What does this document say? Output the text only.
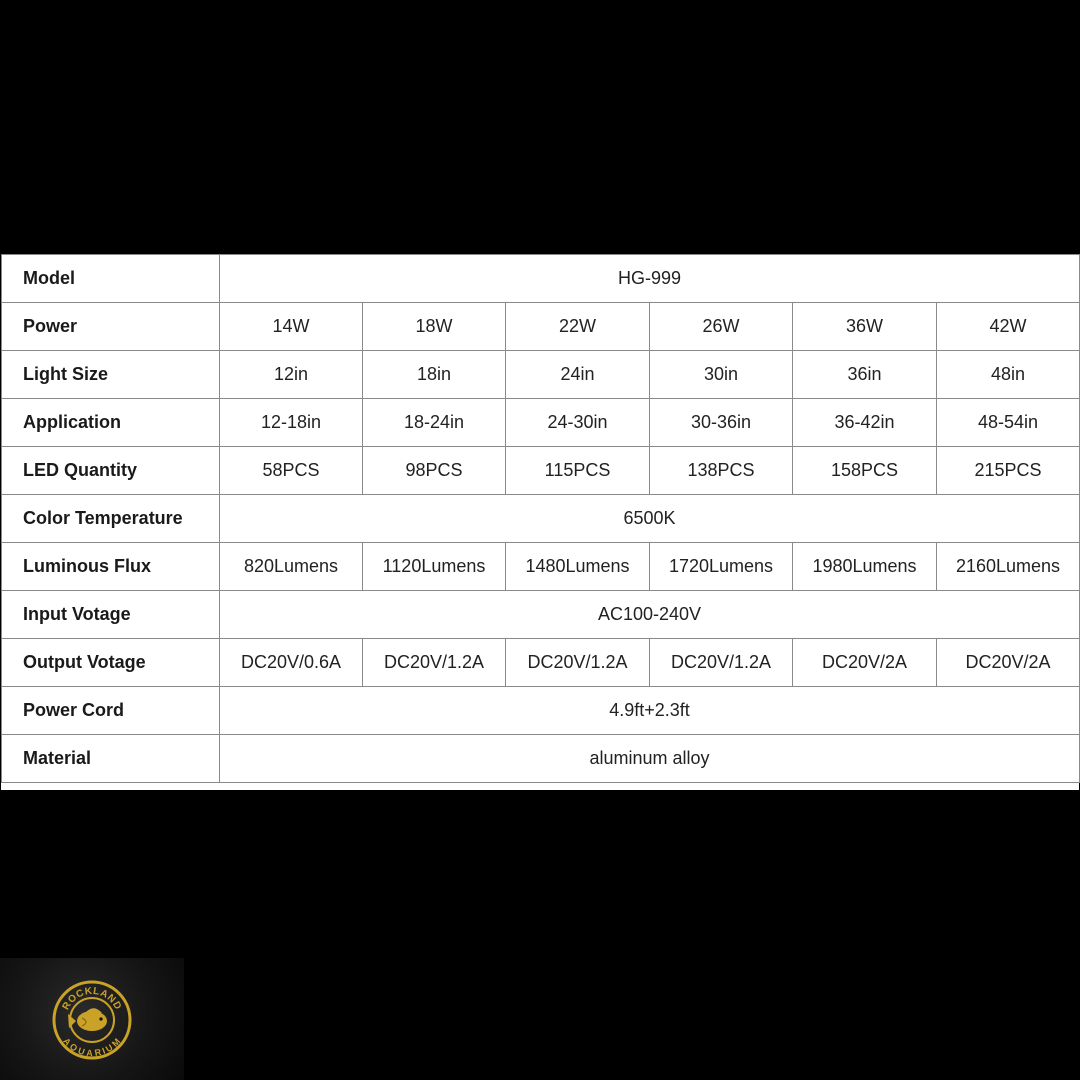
Model	HG-999					
Power	14W	18W	22W	26W	36W	42W
Light Size	12in	18in	24in	30in	36in	48in
Application	12-18in	18-24in	24-30in	30-36in	36-42in	48-54in
LED Quantity	58PCS	98PCS	115PCS	138PCS	158PCS	215PCS
Color Temperature	6500K					
Luminous Flux	820Lumens	1120Lumens	1480Lumens	1720Lumens	1980Lumens	2160Lumens
Input Votage	AC100-240V					
Output Votage	DC20V/0.6A	DC20V/1.2A	DC20V/1.2A	DC20V/1.2A	DC20V/2A	DC20V/2A
Power Cord	4.9ft+2.3ft					
Material	aluminum alloy					
ROCKLAND
AQUARIUM
